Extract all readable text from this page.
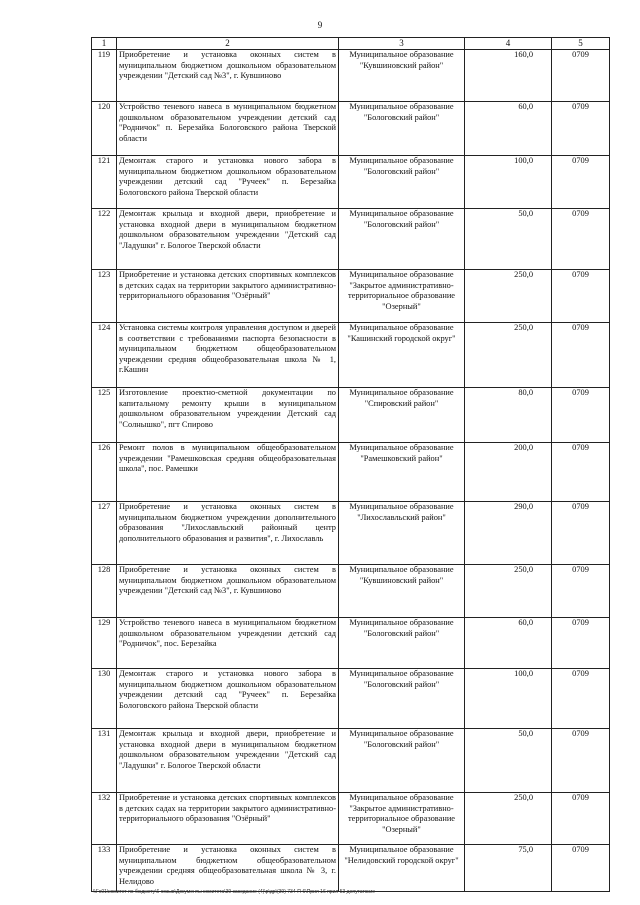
9
1	2	3	4	5
119	Приобретение и установка оконных систем в муниципальном бюджетном дошкольном образовательном учреждении "Детский сад №3", г. Кувшиново	Муниципальное образование "Кувшиновский район"	160,0	0709
120	Устройство теневого навеса в муниципальном бюджетном дошкольном образовательном учреждении детский сад "Родничок" п. Березайка Бологовского района Тверской области	Муниципальное образование "Бологовский район"	60,0	0709
121	Демонтаж старого и установка нового забора в муниципальном бюджетном дошкольном образовательном учреждении детский сад "Ручеек" п. Березайка Бологовского района Тверской области	Муниципальное образование "Бологовский район"	100,0	0709
122	Демонтаж крыльца и входной двери, приобретение и установка входной двери в муниципальном бюджетном дошкольном образовательном учреждении "Детский сад "Ладушки" г. Бологое Тверской области	Муниципальное образование "Бологовский район"	50,0	0709
123	Приобретение и установка детских спортивных комплексов в детских садах на территории закрытого административно-территориального образования "Озёрный"	Муниципальное образование "Закрытое административно-территориальное образование "Озерный"	250,0	0709
124	Установка системы контроля управления доступом и дверей в соответствии с требованиями паспорта безопасности в муниципальном бюджетном общеобразовательном учреждении средняя общеобразовательная школа № 1, г.Кашин	Муниципальное образование "Кашинский городской округ"	250,0	0709
125	Изготовление проектно-сметной документации по капитальному ремонту крыши в муниципальном дошкольном образовательном учреждении Детский сад "Солнышко", пгт Спирово	Муниципальное образование "Спировский район"	80,0	0709
126	Ремонт полов в муниципальном общеобразовательном учреждении "Рамешковская средняя общеобразовательная школа", пос. Рамешки	Муниципальное образование "Рамешковский район"	200,0	0709
127	Приобретение и установка оконных систем в муниципальном бюджетном учреждении дополнительного образования "Лихославльский районный центр дополнительного образования и развития", г. Лихославль	Муниципальное образование "Лихославльский район"	290,0	0709
128	Приобретение и установка оконных систем в муниципальном бюджетном дошкольном образовательном учреждении "Детский сад №3", г. Кувшиново	Муниципальное образование "Кувшиновский район"	250,0	0709
129	Устройство теневого навеса в муниципальном бюджетном дошкольном образовательном учреждении детский сад "Родничок", пос. Березайка	Муниципальное образование "Бологовский район"	60,0	0709
130	Демонтаж старого и установка нового забора в муниципальном бюджетном дошкольном образовательном учреждении детский сад "Ручеек" п. Березайка Бологовского района Тверской области	Муниципальное образование "Бологовский район"	100,0	0709
131	Демонтаж крыльца и входной двери, приобретение и установка входной двери в муниципальном бюджетном дошкольном образовательном учреждении "Детский сад "Ладушки" г. Бологое Тверской области	Муниципальное образование "Бологовский район"	50,0	0709
132	Приобретение и установка детских спортивных комплексов в детских садах на территории закрытого административно-территориального образования "Озёрный"	Муниципальное образование "Закрытое административно-территориальное образование "Озерный"	250,0	0709
133	Приобретение и установка оконных систем в муниципальном бюджетном общеобразовательном учреждении средняя общеобразовательная школа № 3, г. Нелидово	Муниципальное образование "Нелидовский городской округ"	75,0	0709
\\Fs01\комитет по бюджету\6 созыв\Документы комитета\39 заседание (4)\р\др\(39) 734-П-6\Прил 16 прил 53 депутатские
